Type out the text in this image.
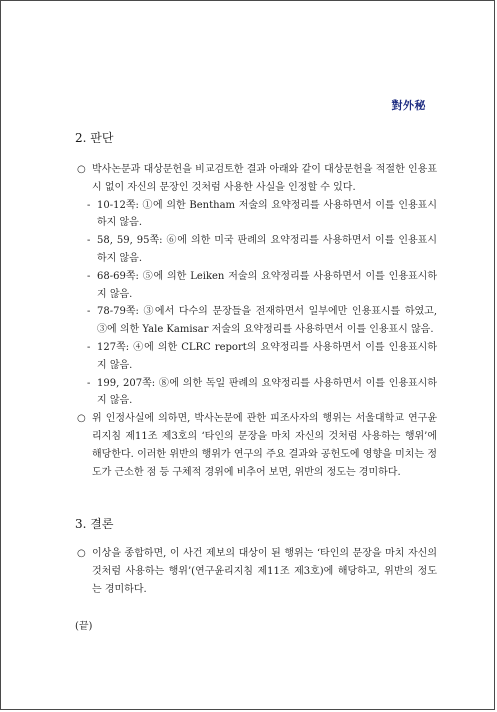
對外秘
2. 판단

○ 박사논문과 대상문헌을 비교검토한 결과 아래와 같이 대상문헌을 적절한 인용표시 없이 자신의 문장인 것처럼 사용한 사실을 인정할 수 있다.

- 10-12쪽: ①에 의한 Bentham 저술의 요약정리를 사용하면서 이를 인용표시하지 않음.

- 58, 59, 95쪽: ⑥에 의한 미국 판례의 요약정리를 사용하면서 이를 인용표시하지 않음.

- 68-69쪽: ⑤에 의한 Leiken 저술의 요약정리를 사용하면서 이를 인용표시하지 않음.

- 78-79쪽: ③에서 다수의 문장들을 전재하면서 일부에만 인용표시를 하였고, ③에 의한 Yale Kamisar 저술의 요약정리를 사용하면서 이를 인용표시 않음.

- 127쪽: ④에 의한 CLRC report의 요약정리를 사용하면서 이를 인용표시하지 않음.

- 199, 207쪽: ⑧에 의한 독일 판례의 요약정리를 사용하면서 이를 인용표시하지 않음.

○ 위 인정사실에 의하면, 박사논문에 관한 피조사자의 행위는 서울대학교 연구윤리지침 제11조 제3호의 ‘타인의 문장을 마치 자신의 것처럼 사용하는 행위’에 해당한다. 이러한 위반의 행위가 연구의 주요 결과와 공헌도에 영향을 미치는 정도가 근소한 점 등 구체적 경위에 비추어 보면, 위반의 정도는 경미하다.

3. 결론

○ 이상을 종합하면, 이 사건 제보의 대상이 된 행위는 ‘타인의 문장을 마치 자신의 것처럼 사용하는 행위’(연구윤리지침 제11조 제3호)에 해당하고, 위반의 정도는 경미하다.

(끝)
